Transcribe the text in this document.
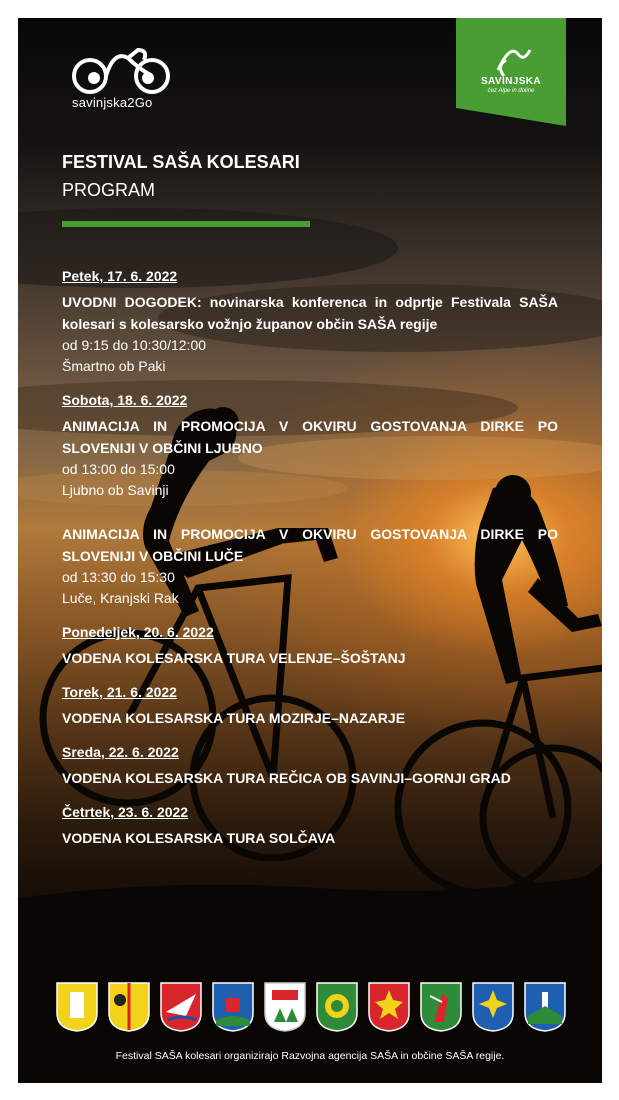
savinjska2Go
SAVINJSKA
čez Alpe in doline
FESTIVAL SAŠA KOLESARI
PROGRAM

Petek, 17. 6. 2022

UVODNI DOGODEK: novinarska konferenca in odprtje Festivala SAŠA kolesari s kolesarsko vožnjo županov občin SAŠA regije

od 9:15 do 10:30/12:00

Šmartno ob Paki

Sobota, 18. 6. 2022

ANIMACIJA IN PROMOCIJA V OKVIRU GOSTOVANJA DIRKE PO SLOVENIJI V OBČINI LJUBNO

od 13:00 do 15:00

Ljubno ob Savinji

ANIMACIJA IN PROMOCIJA V OKVIRU GOSTOVANJA DIRKE PO SLOVENIJI V OBČINI LUČE

od 13:30 do 15:30

Luče, Kranjski Rak

Ponedeljek, 20. 6. 2022

VODENA KOLESARSKA TURA VELENJE–ŠOŠTANJ

Torek, 21. 6. 2022

VODENA KOLESARSKA TURA MOZIRJE–NAZARJE

Sreda, 22. 6. 2022

VODENA KOLESARSKA TURA REČICA OB SAVINJI–GORNJI GRAD

Četrtek, 23. 6. 2022

VODENA KOLESARSKA TURA SOLČAVA

Festival SAŠA kolesari organizirajo Razvojna agencija SAŠA in občine SAŠA regije.
